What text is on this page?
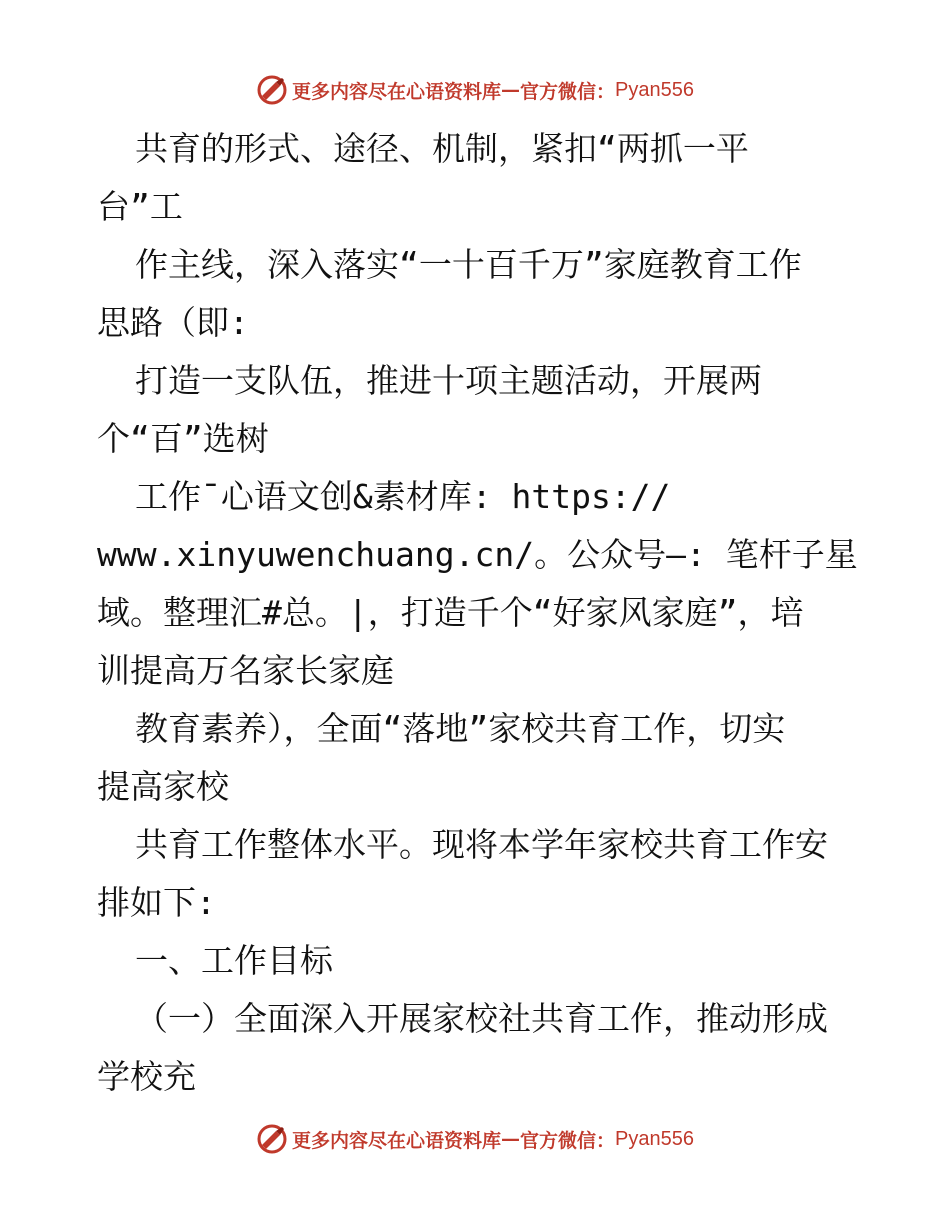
更多内容尽在心语资料库 — 官方微信： Pyan556
共育的形式、途径、机制，紧扣“两抓一平
台”工
作主线，深入落实“一十百千万”家庭教育工作
思路（即:
打造一支队伍，推进十项主题活动，开展两
个“百”选树
工作¯心语文创&素材库: https://
www.xinyuwenchuang.cn/。公众号—: 笔杆子星
域。整理汇#总。|，打造千个“好家风家庭”，培
训提高万名家长家庭
教育素养），全面“落地”家校共育工作，切实
提高家校
共育工作整体水平。现将本学年家校共育工作安
排如下:
一、工作目标
（一）全面深入开展家校社共育工作，推动形成
学校充
更多内容尽在心语资料库 — 官方微信： Pyan556
